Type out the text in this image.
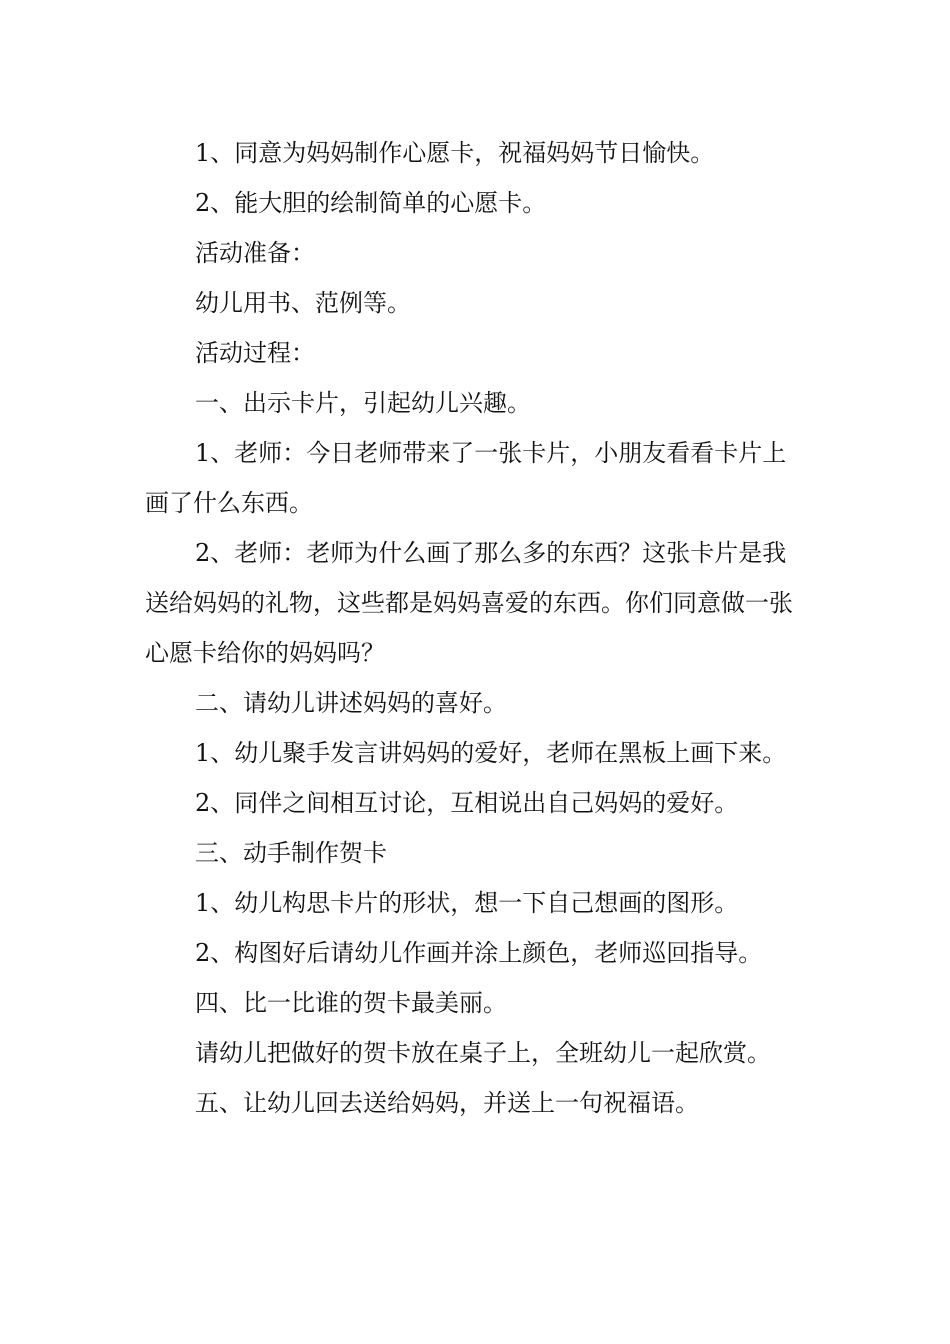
1、同意为妈妈制作心愿卡，祝福妈妈节日愉快。

2、能大胆的绘制简单的心愿卡。

活动准备：

幼儿用书、范例等。

活动过程：

一、出示卡片，引起幼儿兴趣。

1、老师：今日老师带来了一张卡片，小朋友看看卡片上画了什么东西。

2、老师：老师为什么画了那么多的东西？这张卡片是我送给妈妈的礼物，这些都是妈妈喜爱的东西。你们同意做一张心愿卡给你的妈妈吗？

二、请幼儿讲述妈妈的喜好。

1、幼儿聚手发言讲妈妈的爱好，老师在黑板上画下来。

2、同伴之间相互讨论，互相说出自己妈妈的爱好。

三、动手制作贺卡

1、幼儿构思卡片的形状，想一下自己想画的图形。

2、构图好后请幼儿作画并涂上颜色，老师巡回指导。

四、比一比谁的贺卡最美丽。

请幼儿把做好的贺卡放在桌子上，全班幼儿一起欣赏。

五、让幼儿回去送给妈妈，并送上一句祝福语。
